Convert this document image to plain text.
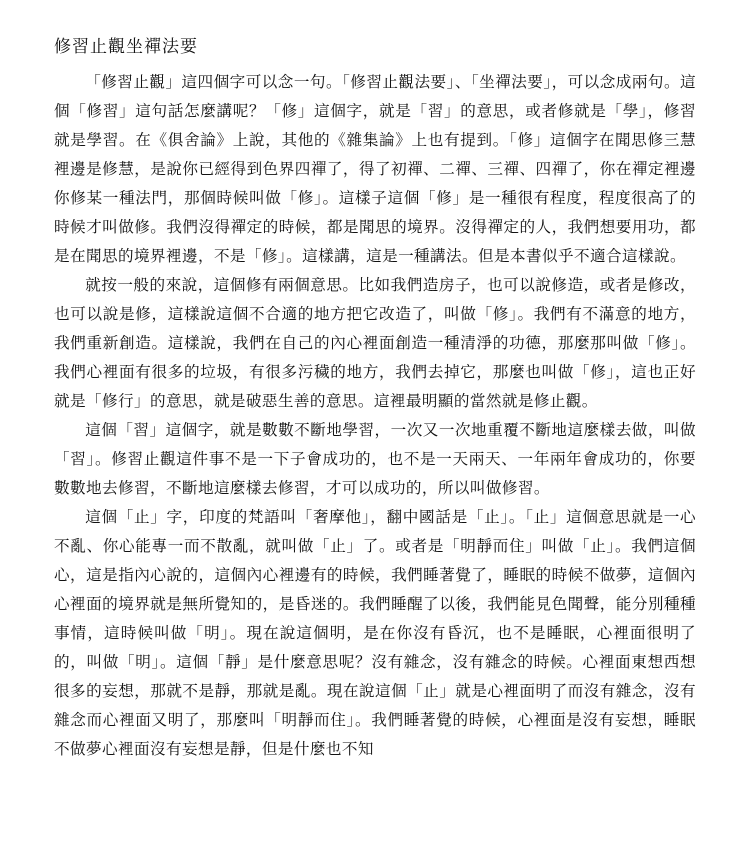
修習止觀坐禪法要

「修習止觀」這四個字可以念一句。「修習止觀法要」、「坐禪法要」，可以念成兩句。這個「修習」這句話怎麼講呢？「修」這個字，就是「習」的意思，或者修就是「學」，修習就是學習。在《俱舍論》上說，其他的《雜集論》上也有提到。「修」這個字在聞思修三慧裡邊是修慧，是說你已經得到色界四禪了，得了初禪、二禪、三禪、四禪了，你在禪定裡邊你修某一種法門，那個時候叫做「修」。這樣子這個「修」是一種很有程度，程度很高了的時候才叫做修。我們沒得禪定的時候，都是聞思的境界。沒得禪定的人，我們想要用功，都是在聞思的境界裡邊，不是「修」。這樣講，這是一種講法。但是本書似乎不適合這樣說。

就按一般的來說，這個修有兩個意思。比如我們造房子，也可以說修造，或者是修改，也可以說是修，這樣說這個不合適的地方把它改造了，叫做「修」。我們有不滿意的地方，我們重新創造。這樣說，我們在自己的內心裡面創造一種清淨的功德，那麼那叫做「修」。我們心裡面有很多的垃圾，有很多污穢的地方，我們去掉它，那麼也叫做「修」，這也正好就是「修行」的意思，就是破惡生善的意思。這裡最明顯的當然就是修止觀。

這個「習」這個字，就是數數不斷地學習，一次又一次地重覆不斷地這麼樣去做，叫做「習」。修習止觀這件事不是一下子會成功的，也不是一天兩天、一年兩年會成功的，你要數數地去修習，不斷地這麼樣去修習，才可以成功的，所以叫做修習。

這個「止」字，印度的梵語叫「奢摩他」，翻中國話是「止」。「止」這個意思就是一心不亂、你心能專一而不散亂，就叫做「止」了。或者是「明靜而住」叫做「止」。我們這個心，這是指內心說的，這個內心裡邊有的時候，我們睡著覺了，睡眠的時候不做夢，這個內心裡面的境界就是無所覺知的，是昏迷的。我們睡醒了以後，我們能見色聞聲，能分別種種事情，這時候叫做「明」。現在說這個明，是在你沒有昏沉，也不是睡眠，心裡面很明了的，叫做「明」。這個「靜」是什麼意思呢？沒有雜念，沒有雜念的時候。心裡面東想西想很多的妄想，那就不是靜，那就是亂。現在說這個「止」就是心裡面明了而沒有雜念，沒有雜念而心裡面又明了，那麼叫「明靜而住」。我們睡著覺的時候，心裡面是沒有妄想，睡眠不做夢心裡面沒有妄想是靜，但是什麼也不知
